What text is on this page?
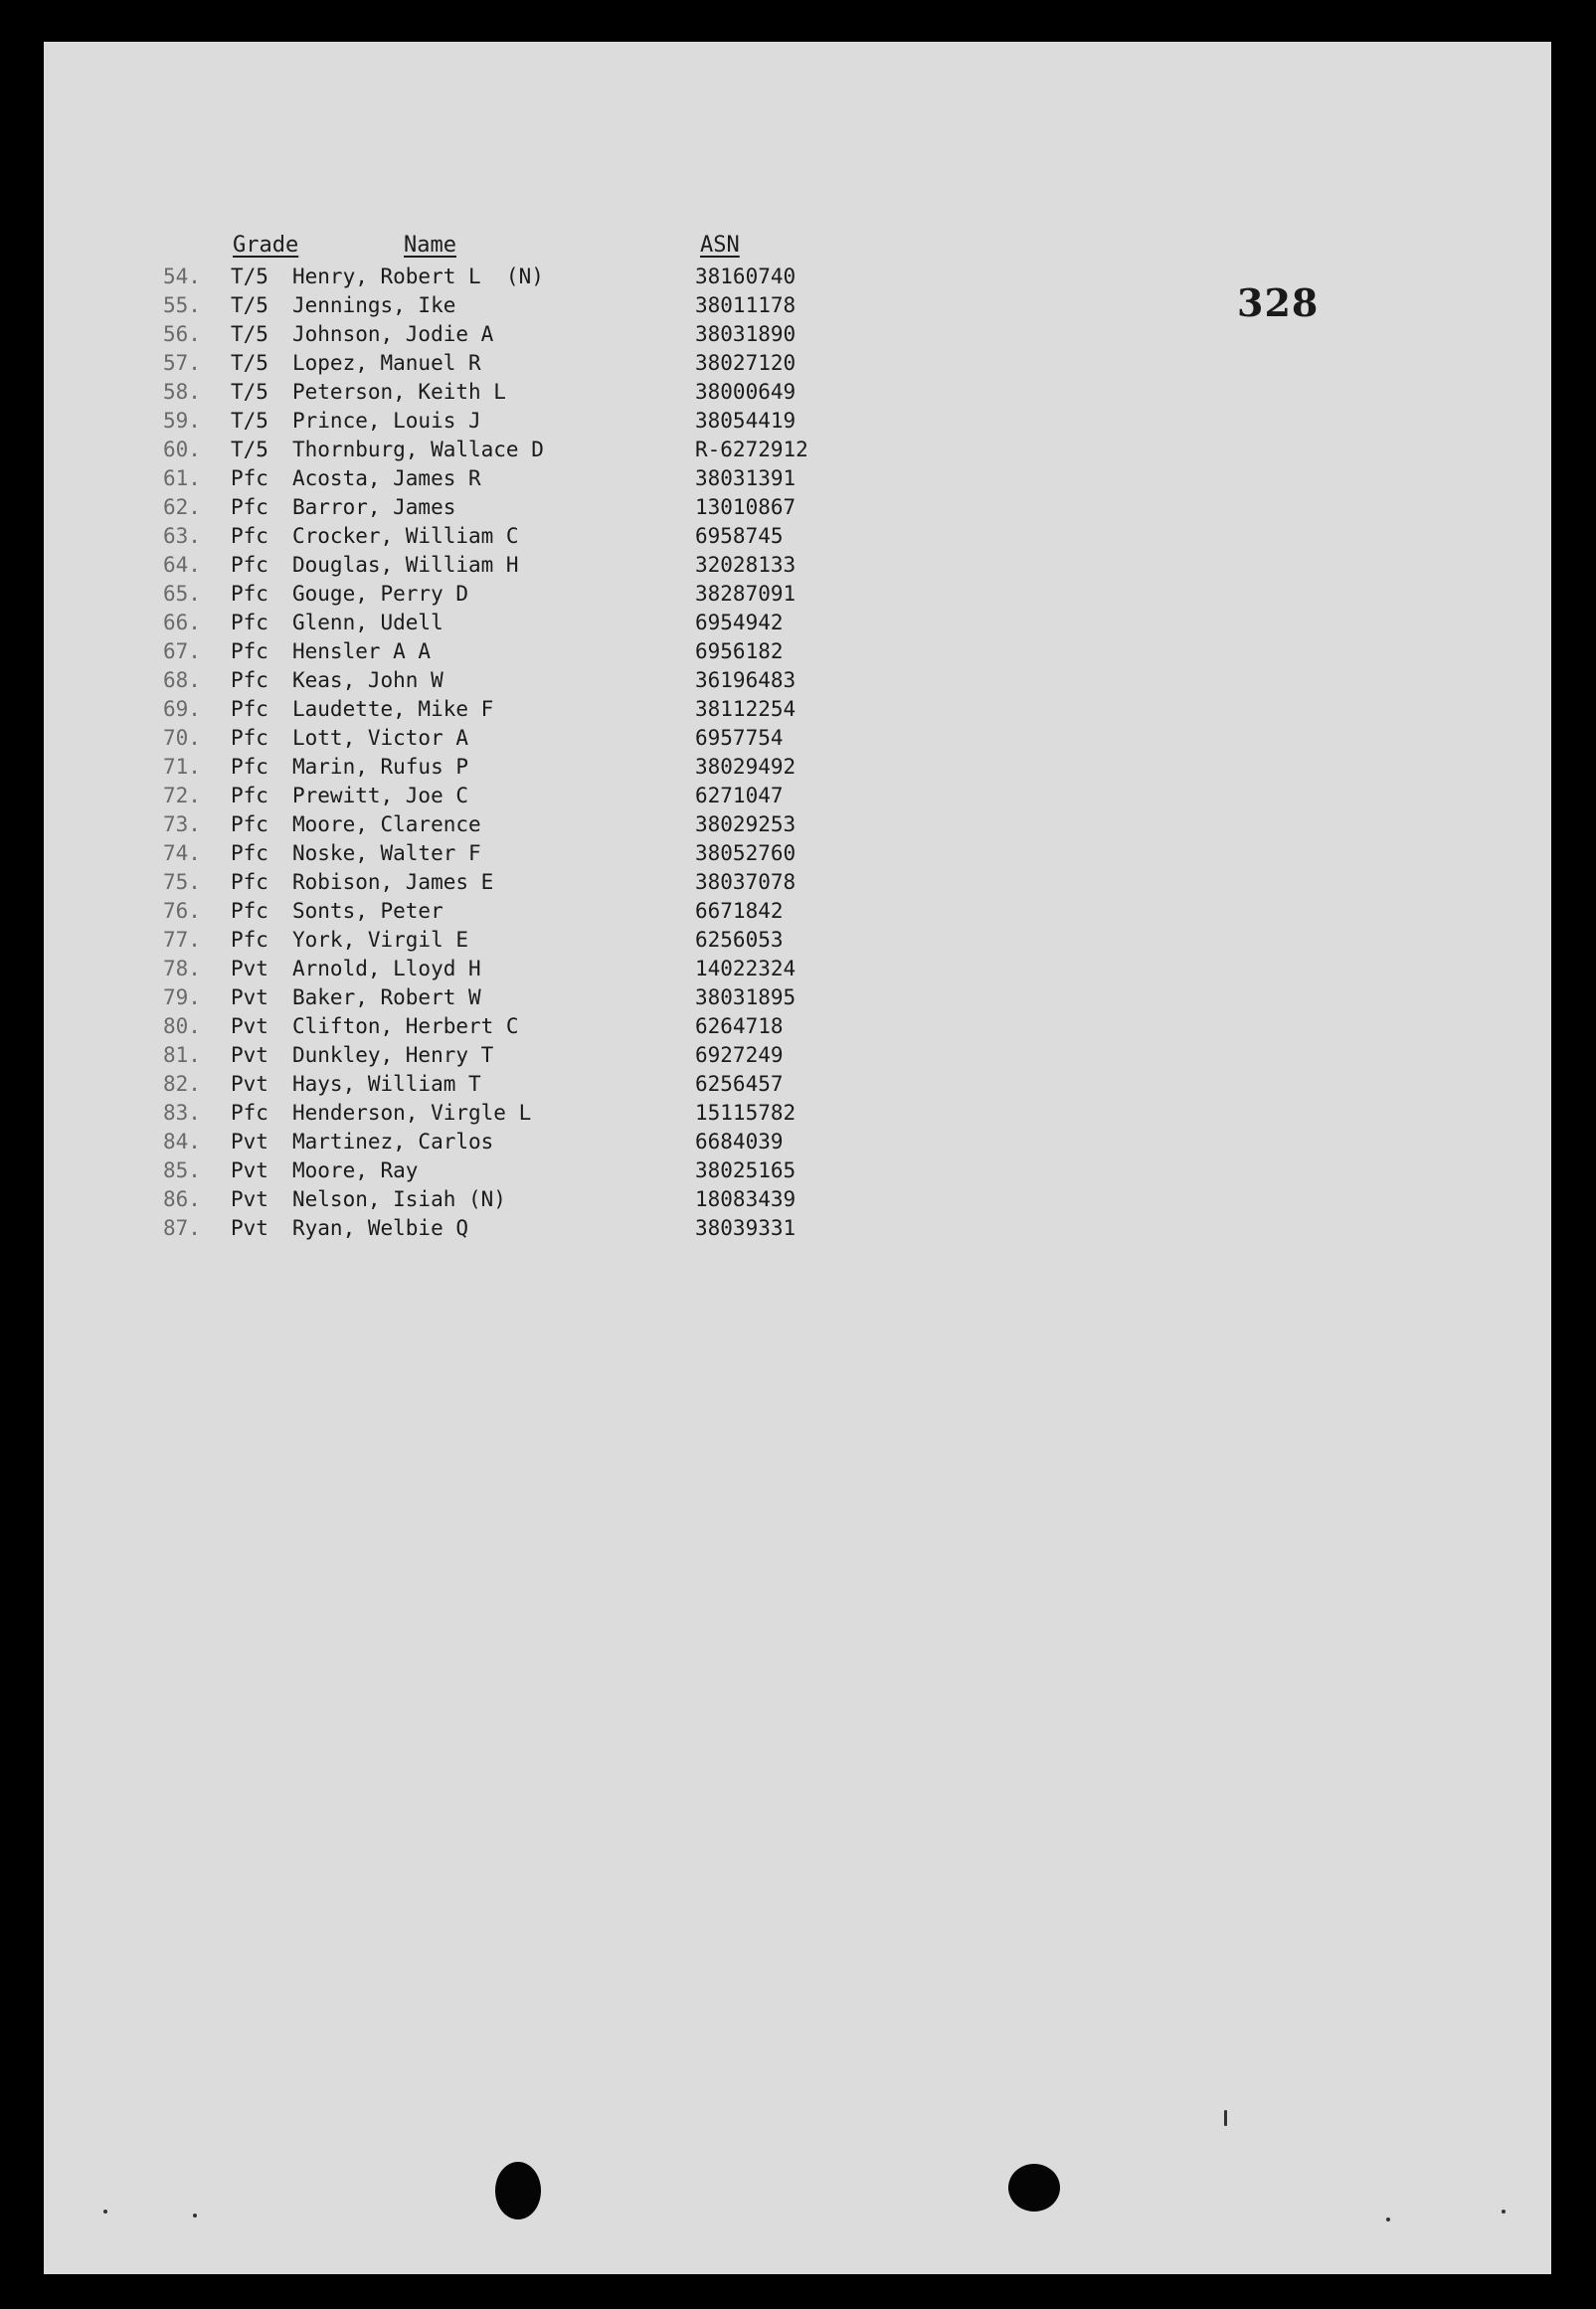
328
Grade	Name	ASN
54.	T/5	Henry, Robert L  (N)	38160740
55.	T/5	Jennings, Ike	38011178
56.	T/5	Johnson, Jodie A	38031890
57.	T/5	Lopez, Manuel R	38027120
58.	T/5	Peterson, Keith L	38000649
59.	T/5	Prince, Louis J	38054419
60.	T/5	Thornburg, Wallace D	R-6272912
61.	Pfc	Acosta, James R	38031391
62.	Pfc	Barror, James	13010867
63.	Pfc	Crocker, William C	6958745
64.	Pfc	Douglas, William H	32028133
65.	Pfc	Gouge, Perry D	38287091
66.	Pfc	Glenn, Udell	6954942
67.	Pfc	Hensler A A	6956182
68.	Pfc	Keas, John W	36196483
69.	Pfc	Laudette, Mike F	38112254
70.	Pfc	Lott, Victor A	6957754
71.	Pfc	Marin, Rufus P	38029492
72.	Pfc	Prewitt, Joe C	6271047
73.	Pfc	Moore, Clarence	38029253
74.	Pfc	Noske, Walter F	38052760
75.	Pfc	Robison, James E	38037078
76.	Pfc	Sonts, Peter	6671842
77.	Pfc	York, Virgil E	6256053
78.	Pvt	Arnold, Lloyd H	14022324
79.	Pvt	Baker, Robert W	38031895
80.	Pvt	Clifton, Herbert C	6264718
81.	Pvt	Dunkley, Henry T	6927249
82.	Pvt	Hays, William T	6256457
83.	Pfc	Henderson, Virgle L	15115782
84.	Pvt	Martinez, Carlos	6684039
85.	Pvt	Moore, Ray	38025165
86.	Pvt	Nelson, Isiah (N)	18083439
87.	Pvt	Ryan, Welbie Q	38039331
